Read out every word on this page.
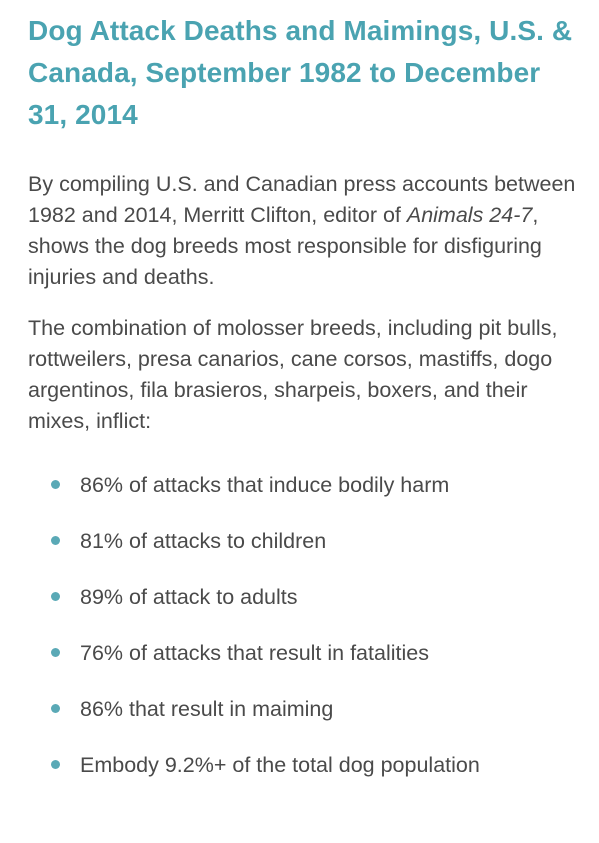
Dog Attack Deaths and Maimings, U.S. & Canada, September 1982 to December 31, 2014

By compiling U.S. and Canadian press accounts between 1982 and 2014, Merritt Clifton, editor of Animals 24-7, shows the dog breeds most responsible for disfiguring injuries and deaths.

The combination of molosser breeds, including pit bulls, rottweilers, presa canarios, cane corsos, mastiffs, dogo argentinos, fila brasieros, sharpeis, boxers, and their mixes, inflict:

86% of attacks that induce bodily harm
81% of attacks to children
89% of attack to adults
76% of attacks that result in fatalities
86% that result in maiming
Embody 9.2%+ of the total dog population
